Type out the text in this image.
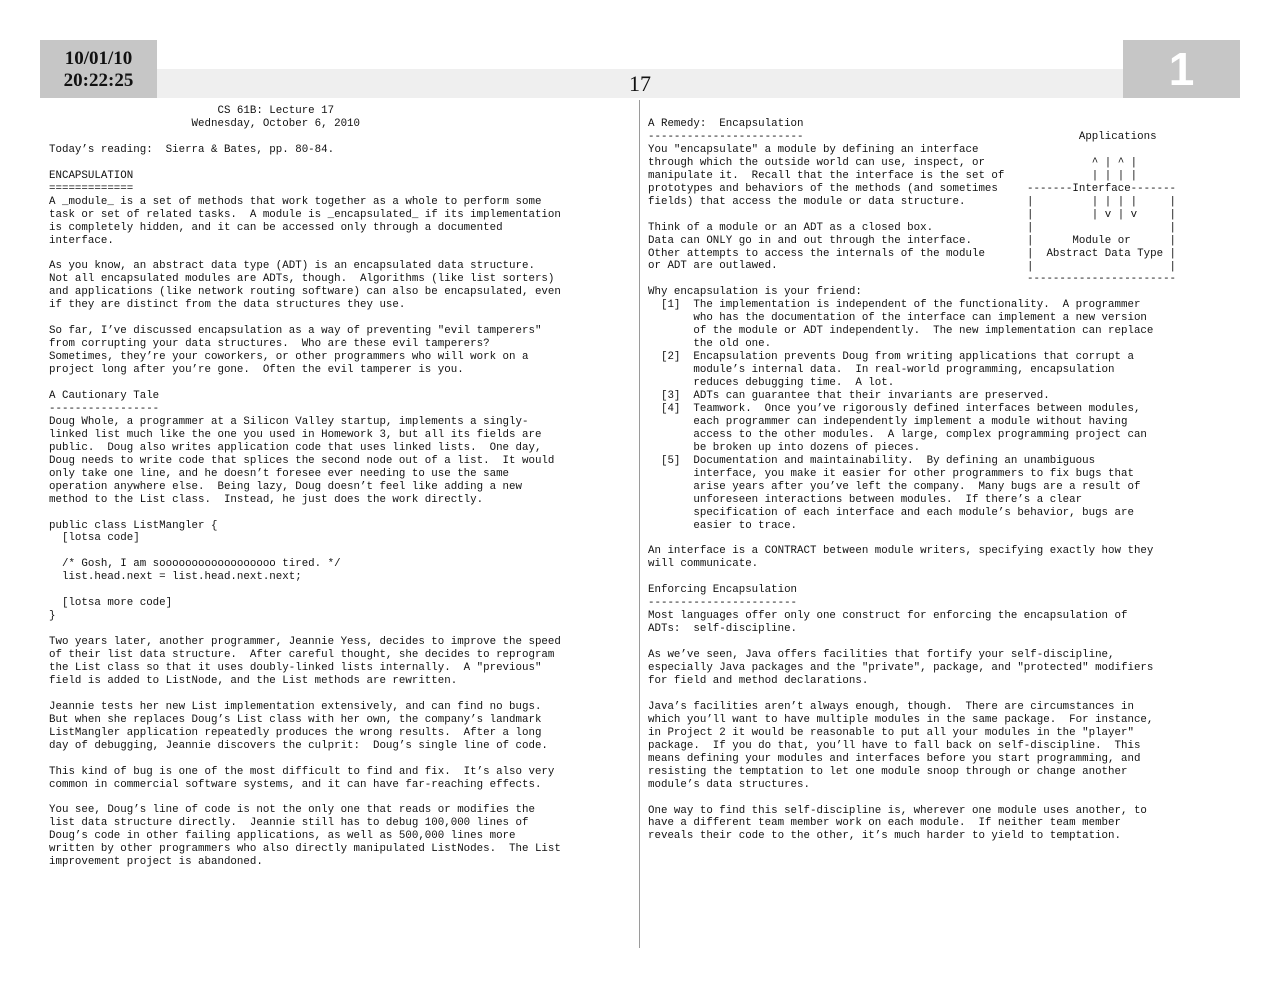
10/01/10
20:22:25	17	1
CS 61B: Lecture 17
Wednesday, October 6, 2010

Today’s reading:  Sierra & Bates, pp. 80-84.

ENCAPSULATION
=============
A _module_ is a set of methods that work together as a whole to perform some
task or set of related tasks.  A module is _encapsulated_ if its implementation
is completely hidden, and it can be accessed only through a documented
interface.

As you know, an abstract data type (ADT) is an encapsulated data structure.
Not all encapsulated modules are ADTs, though.  Algorithms (like list sorters)
and applications (like network routing software) can also be encapsulated, even
if they are distinct from the data structures they use.

So far, I’ve discussed encapsulation as a way of preventing "evil tamperers"
from corrupting your data structures.  Who are these evil tamperers?
Sometimes, they’re your coworkers, or other programmers who will work on a
project long after you’re gone.  Often the evil tamperer is you.

A Cautionary Tale
-----------------
Doug Whole, a programmer at a Silicon Valley startup, implements a singly-
linked list much like the one you used in Homework 3, but all its fields are
public.  Doug also writes application code that uses linked lists.  One day,
Doug needs to write code that splices the second node out of a list.  It would
only take one line, and he doesn’t foresee ever needing to use the same
operation anywhere else.  Being lazy, Doug doesn’t feel like adding a new
method to the List class.  Instead, he just does the work directly.

public class ListMangler {
[lotsa code]

/* Gosh, I am soooooooooooooooooo tired. */
list.head.next = list.head.next.next;

[lotsa more code]
}

Two years later, another programmer, Jeannie Yess, decides to improve the speed
of their list data structure.  After careful thought, she decides to reprogram
the List class so that it uses doubly-linked lists internally.  A "previous"
field is added to ListNode, and the List methods are rewritten.

Jeannie tests her new List implementation extensively, and can find no bugs.
But when she replaces Doug’s List class with her own, the company’s landmark
ListMangler application repeatedly produces the wrong results.  After a long
day of debugging, Jeannie discovers the culprit:  Doug’s single line of code.

This kind of bug is one of the most difficult to find and fix.  It’s also very
common in commercial software systems, and it can have far-reaching effects.

You see, Doug’s line of code is not the only one that reads or modifies the
list data structure directly.  Jeannie still has to debug 100,000 lines of
Doug’s code in other failing applications, as well as 500,000 lines more
written by other programmers who also directly manipulated ListNodes.  The List
improvement project is abandoned.
A Remedy:  Encapsulation
------------------------
You "encapsulate" a module by defining an interface
through which the outside world can use, inspect, or
manipulate it.  Recall that the interface is the set of
prototypes and behaviors of the methods (and sometimes
fields) that access the module or data structure.

Think of a module or an ADT as a closed box.
Data can ONLY go in and out through the interface.
Other attempts to access the internals of the module
or ADT are outlawed.

Why encapsulation is your friend:
[1]  The implementation is independent of the functionality.  A programmer
who has the documentation of the interface can implement a new version
of the module or ADT independently.  The new implementation can replace
the old one.
[2]  Encapsulation prevents Doug from writing applications that corrupt a
module’s internal data.  In real-world programming, encapsulation
reduces debugging time.  A lot.
[3]  ADTs can guarantee that their invariants are preserved.
[4]  Teamwork.  Once you’ve rigorously defined interfaces between modules,
each programmer can independently implement a module without having
access to the other modules.  A large, complex programming project can
be broken up into dozens of pieces.
[5]  Documentation and maintainability.  By defining an unambiguous
interface, you make it easier for other programmers to fix bugs that
arise years after you’ve left the company.  Many bugs are a result of
unforeseen interactions between modules.  If there’s a clear
specification of each interface and each module’s behavior, bugs are
easier to trace.

An interface is a CONTRACT between module writers, specifying exactly how they
will communicate.

Enforcing Encapsulation
-----------------------
Most languages offer only one construct for enforcing the encapsulation of
ADTs:  self-discipline.

As we’ve seen, Java offers facilities that fortify your self-discipline,
especially Java packages and the "private", package, and "protected" modifiers
for field and method declarations.

Java’s facilities aren’t always enough, though.  There are circumstances in
which you’ll want to have multiple modules in the same package.  For instance,
in Project 2 it would be reasonable to put all your modules in the "player"
package.  If you do that, you’ll have to fall back on self-discipline.  This
means defining your modules and interfaces before you start programming, and
resisting the temptation to let one module snoop through or change another
module’s data structures.

One way to find this self-discipline is, wherever one module uses another, to
have a different team member work on each module.  If neither team member
reveals their code to the other, it’s much harder to yield to temptation.
Applications

^ | ^ |
| | | |
-------Interface-------
|         | | | |     |
|         | v | v     |
|                     |
|      Module or      |
|  Abstract Data Type |
|                     |
-----------------------
